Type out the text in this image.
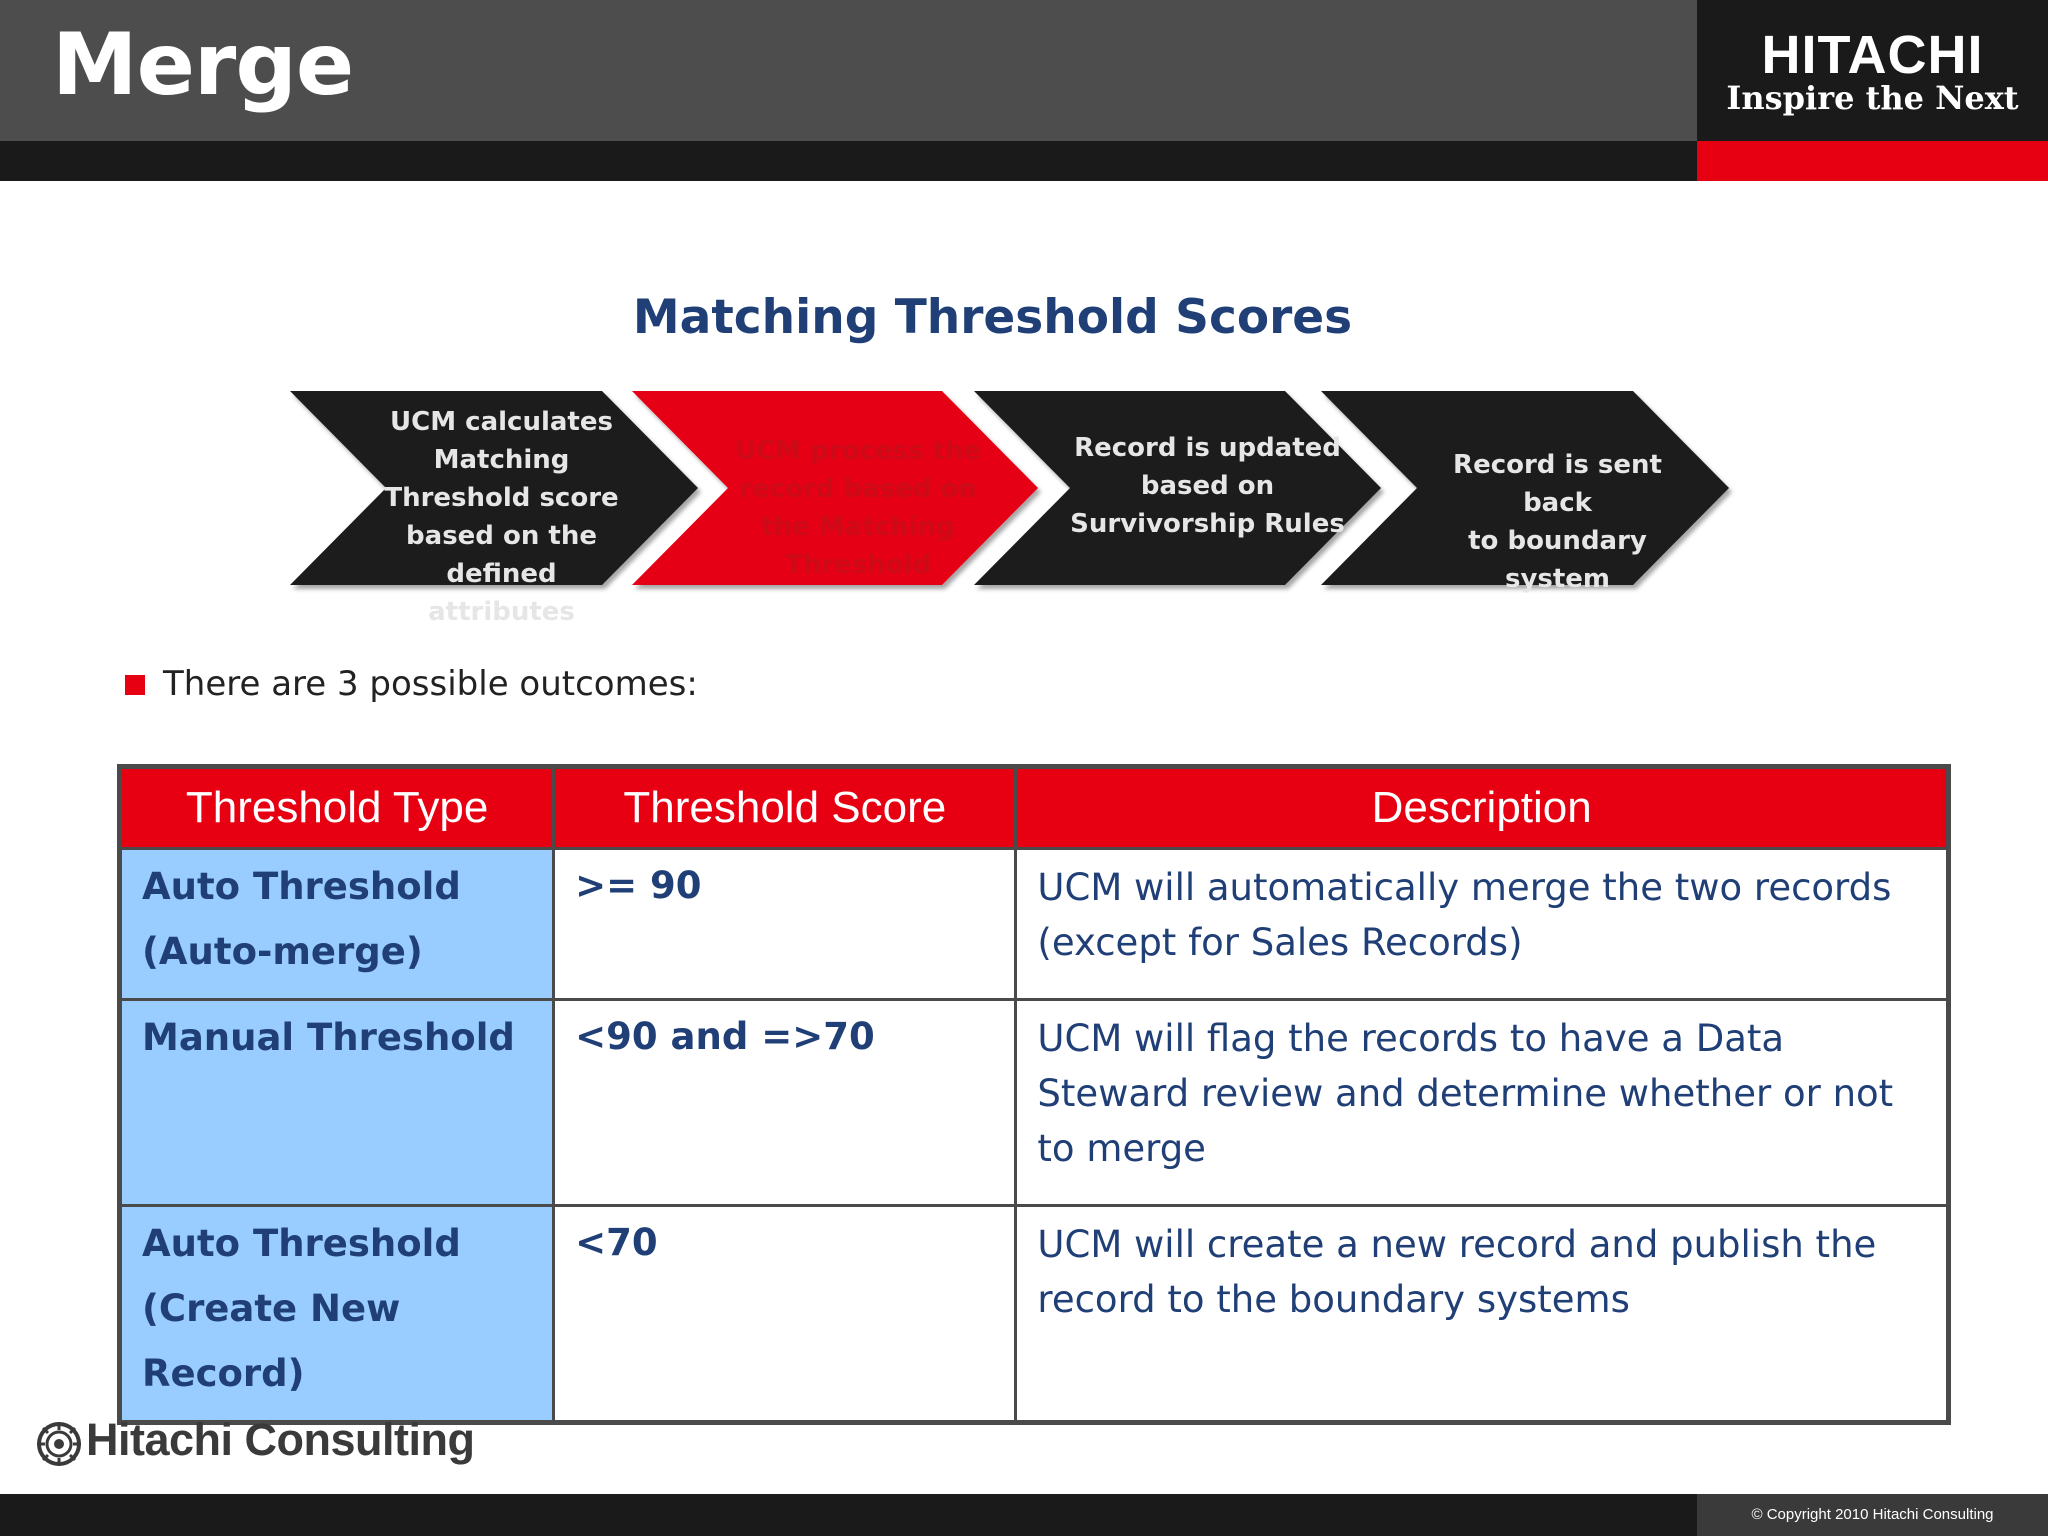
Merge	HITACHI
Inspire the Next
Matching Threshold Scores
UCM calculates
Matching
Threshold score
based on the
defined attributes
UCM process the
record based on
the Matching
Threshold
Record is updated
based on
Survivorship Rules
Record is sent back
to boundary
system
There are 3 possible outcomes:
Threshold Type	Threshold Score	Description

Auto Threshold
(Auto-merge)	>= 90	UCM will automatically merge the two records (except for Sales Records)

Manual Threshold	<90 and =>70	UCM will flag the records to have a Data Steward review and determine whether or not to merge

Auto Threshold
(Create New Record)	<70	UCM will create a new record and publish the record to the boundary systems
Hitachi Consulting
© Copyright 2010 Hitachi Consulting
